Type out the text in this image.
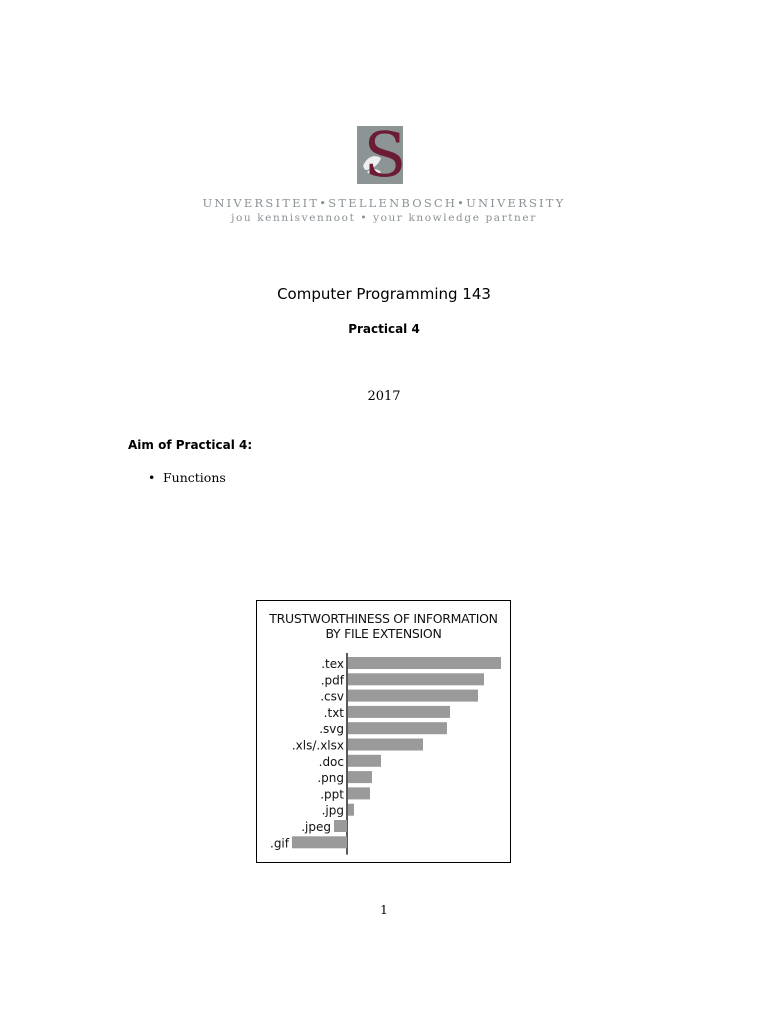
S
UNIVERSITEIT•STELLENBOSCH•UNIVERSITY
jou kennisvennoot • your knowledge partner
Computer Programming 143
Practical 4
2017
Aim of Practical 4:
• Functions
TRUSTWORTHINESS OF INFORMATION
BY FILE EXTENSION
.tex
.pdf
.csv
.txt
.svg
.xls/.xlsx
.doc
.png
.ppt
.jpg
.jpeg
.gif
1
